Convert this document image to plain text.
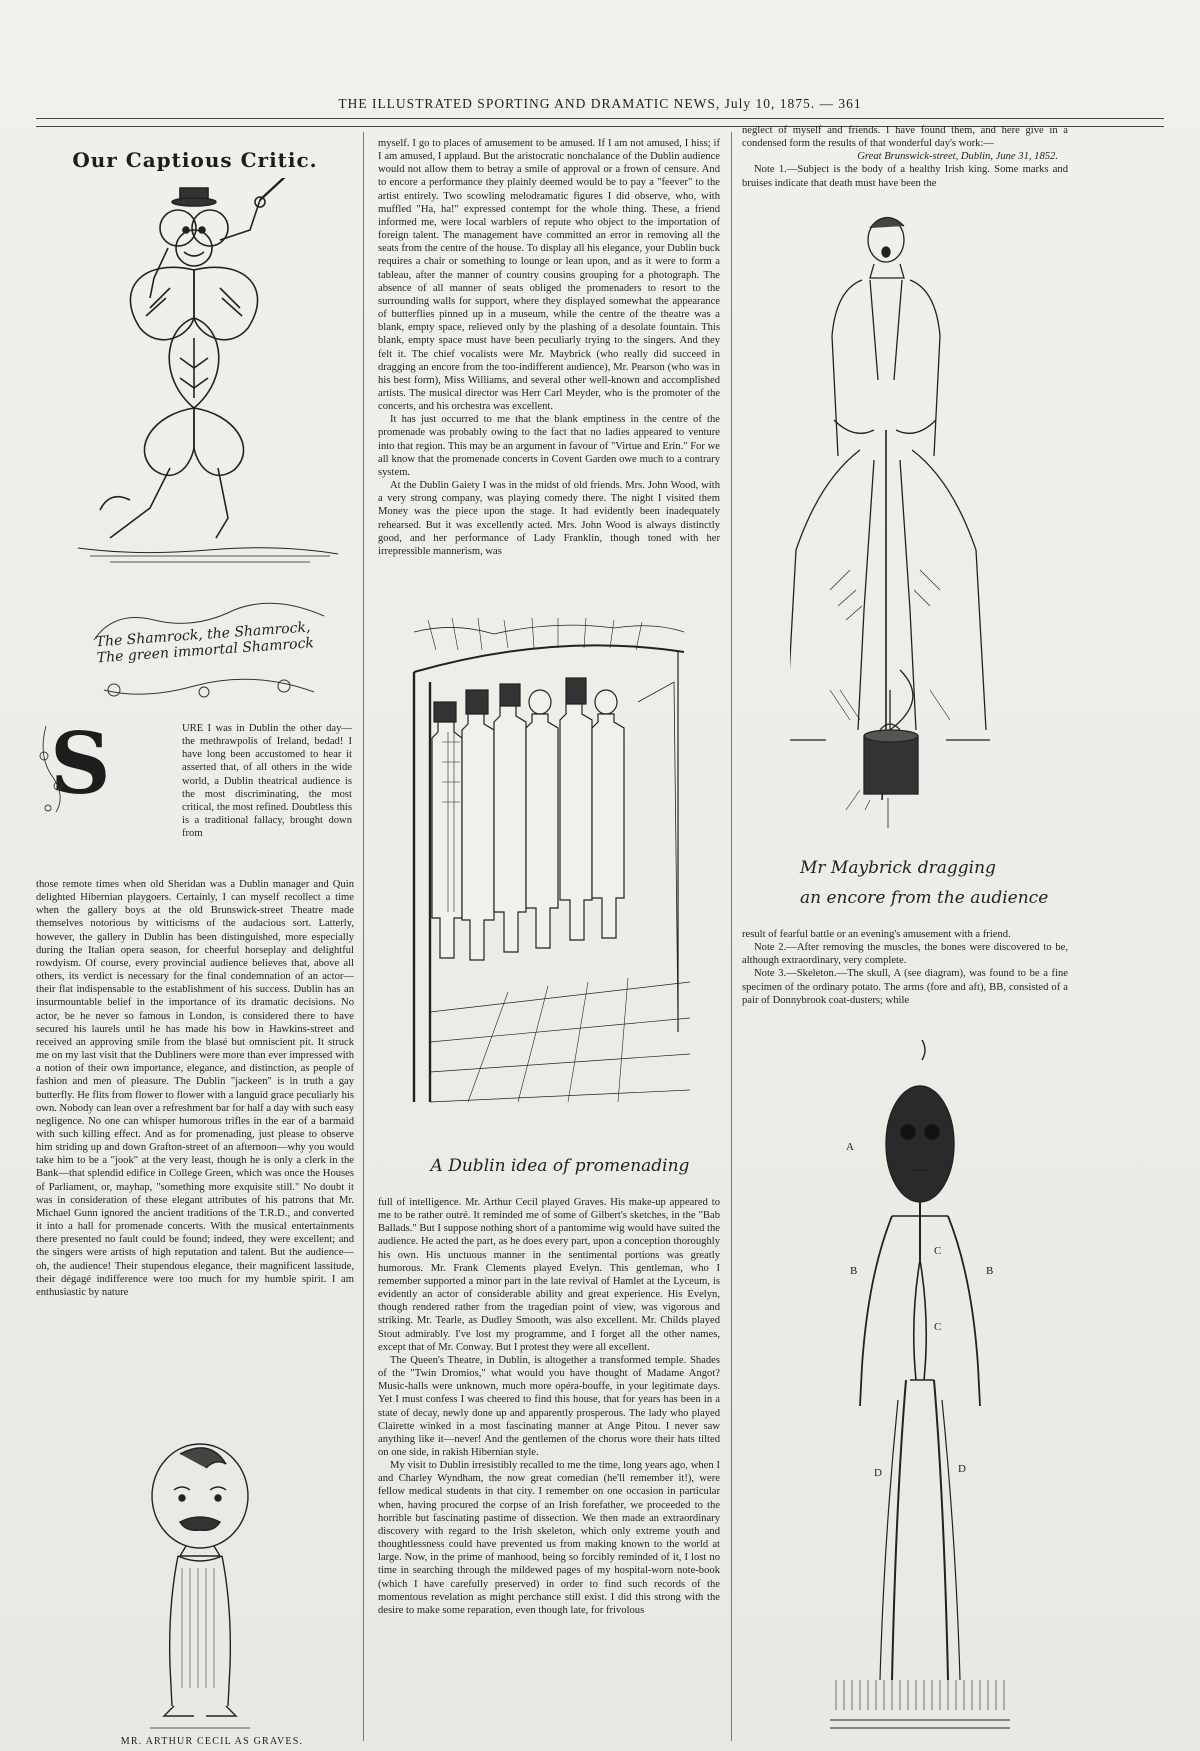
THE ILLUSTRATED SPORTING AND DRAMATIC NEWS, July 10, 1875. — 361
Our Captious Critic.
The Shamrock, the Shamrock, The green immortal Shamrock
S	URE I was in Dublin the other day—the methrawpolis of Ireland, bedad! I have long been accustomed to hear it asserted that, of all others in the wide world, a Dublin theatrical audience is the most discriminating, the most critical, the most refined. Doubtless this is a traditional fallacy, brought down from

those remote times when old Sheridan was a Dublin manager and Quin delighted Hibernian playgoers. Certainly, I can myself recollect a time when the gallery boys at the old Brunswick-street Theatre made themselves notorious by witticisms of the audacious sort. Latterly, however, the gallery in Dublin has been distinguished, more especially during the Italian opera season, for cheerful horseplay and delightful rowdyism. Of course, every provincial audience believes that, above all others, its verdict is necessary for the final condemnation of an actor—their flat indispensable to the establishment of his success. Dublin has an insurmountable belief in the importance of its dramatic decisions. No actor, be he never so famous in London, is considered there to have secured his laurels until he has made his bow in Hawkins-street and received an approving smile from the blasé but omniscient pit. It struck me on my last visit that the Dubliners were more than ever impressed with a notion of their own importance, elegance, and distinction, as people of fashion and men of pleasure. The Dublin "jackeen" is in truth a gay butterfly. He flits from flower to flower with a languid grace peculiarly his own. Nobody can lean over a refreshment bar for half a day with such easy negligence. No one can whisper humorous trifles in the ear of a barmaid with such killing effect. And as for promenading, just please to observe him striding up and down Grafton-street of an afternoon—why you would take him to be a "jook" at the very least, though he is only a clerk in the Bank—that splendid edifice in College Green, which was once the Houses of Parliament, or, mayhap, "something more exquisite still." No doubt it was in consideration of these elegant attributes of his patrons that Mr. Michael Gunn ignored the ancient traditions of the T.R.D., and converted it into a hall for promenade concerts. With the musical entertainments there presented no fault could be found; indeed, they were excellent; and the singers were artists of high reputation and talent. But the audience—oh, the audience! Their stupendous elegance, their magnificent lassitude, their dégagé indifference were too much for my humble spirit. I am enthusiastic by nature

MR. ARTHUR CECIL AS GRAVES.

myself. I go to places of amusement to be amused. If I am not amused, I hiss; if I am amused, I applaud. But the aristocratic nonchalance of the Dublin audience would not allow them to betray a smile of approval or a frown of censure. And to encore a performance they plainly deemed would be to pay a "feever" to the artist entirely. Two scowling melodramatic figures I did observe, who, with muffled "Ha, ha!" expressed contempt for the whole thing. These, a friend informed me, were local warblers of repute who object to the importation of foreign talent. The management have committed an error in removing all the seats from the centre of the house. To display all his elegance, your Dublin buck requires a chair or something to lounge or lean upon, and as it were to form a tableau, after the manner of country cousins grouping for a photograph. The absence of all manner of seats obliged the promenaders to resort to the surrounding walls for support, where they displayed somewhat the appearance of butterflies pinned up in a museum, while the centre of the theatre was a blank, empty space, relieved only by the plashing of a desolate fountain. This blank, empty space must have been peculiarly trying to the singers. And they felt it. The chief vocalists were Mr. Maybrick (who really did succeed in dragging an encore from the too-indifferent audience), Mr. Pearson (who was in his best form), Miss Williams, and several other well-known and accomplished artists. The musical director was Herr Carl Meyder, who is the promoter of the concerts, and his orchestra was excellent.

It has just occurred to me that the blank emptiness in the centre of the promenade was probably owing to the fact that no ladies appeared to venture into that region. This may be an argument in favour of "Virtue and Erin." For we all know that the promenade concerts in Covent Garden owe much to a contrary system.

At the Dublin Gaiety I was in the midst of old friends. Mrs. John Wood, with a very strong company, was playing comedy there. The night I visited them Money was the piece upon the stage. It had evidently been inadequately rehearsed. But it was excellently acted. Mrs. John Wood is always distinctly good, and her performance of Lady Franklin, though toned with her irrepressible mannerism, was

A Dublin idea of promenading

full of intelligence. Mr. Arthur Cecil played Graves. His make-up appeared to me to be rather outré. It reminded me of some of Gilbert's sketches, in the "Bab Ballads." But I suppose nothing short of a pantomime wig would have suited the audience. He acted the part, as he does every part, upon a conception thoroughly his own. His unctuous manner in the sentimental portions was greatly humorous. Mr. Frank Clements played Evelyn. This gentleman, who I remember supported a minor part in the late revival of Hamlet at the Lyceum, is evidently an actor of considerable ability and great experience. His Evelyn, though rendered rather from the tragedian point of view, was vigorous and striking. Mr. Tearle, as Dudley Smooth, was also excellent. Mr. Childs played Stout admirably. I've lost my programme, and I forget all the other names, except that of Mr. Conway. But I protest they were all excellent.

The Queen's Theatre, in Dublin, is altogether a transformed temple. Shades of the "Twin Dromios," what would you have thought of Madame Angot? Music-halls were unknown, much more opéra-bouffe, in your legitimate days. Yet I must confess I was cheered to find this house, that for years has been in a state of decay, newly done up and apparently prosperous. The lady who played Clairette winked in a most fascinating manner at Ange Pitou. I never saw anything like it—never! And the gentlemen of the chorus wore their hats tilted on one side, in rakish Hibernian style.

My visit to Dublin irresistibly recalled to me the time, long years ago, when I and Charley Wyndham, the now great comedian (he'll remember it!), were fellow medical students in that city. I remember on one occasion in particular when, having procured the corpse of an Irish forefather, we proceeded to the horrible but fascinating pastime of dissection. We then made an extraordinary discovery with regard to the Irish skeleton, which only extreme youth and thoughtlessness could have prevented us from making known to the world at large. Now, in the prime of manhood, being so forcibly reminded of it, I lost no time in searching through the mildewed pages of my hospital-worn note-book (which I have carefully preserved) in order to find such records of the momentous revelation as might perchance still exist. I did this strong with the desire to make some reparation, even though late, for frivolous

neglect of myself and friends. I have found them, and here give in a condensed form the results of that wonderful day's work:—

Great Brunswick-street, Dublin, June 31, 1852.

Note 1.—Subject is the body of a healthy Irish king. Some marks and bruises indicate that death must have been the

Mr Maybrick dragging
an encore from the audience

result of fearful battle or an evening's amusement with a friend.

Note 2.—After removing the muscles, the bones were discovered to be, although extraordinary, very complete.

Note 3.—Skeleton.—The skull, A (see diagram), was found to be a fine specimen of the ordinary potato. The arms (fore and aft), BB, consisted of a pair of Donnybrook coat-dusters; while

A
B	B
C
C
D	D
